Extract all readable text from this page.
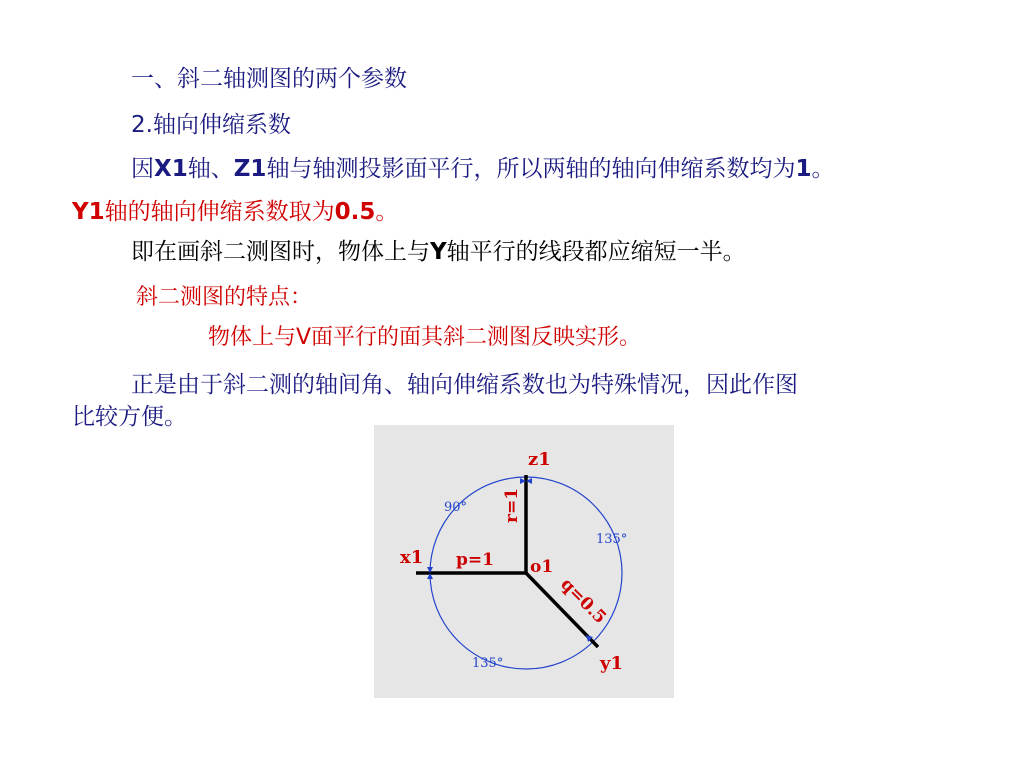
一、斜二轴测图的两个参数
2.轴向伸缩系数
因X1轴、Z1轴与轴测投影面平行，所以两轴的轴向伸缩系数均为1。
Y1轴的轴向伸缩系数取为0.5。
即在画斜二测图时，物体上与Y轴平行的线段都应缩短一半。
斜二测图的特点：
物体上与V面平行的面其斜二测图反映实形。
正是由于斜二测的轴间角、轴向伸缩系数也为特殊情况，因此作图
比较方便。
z1
x1
y1
o1
r=1
p=1
q=0.5
90°
135°
135°
